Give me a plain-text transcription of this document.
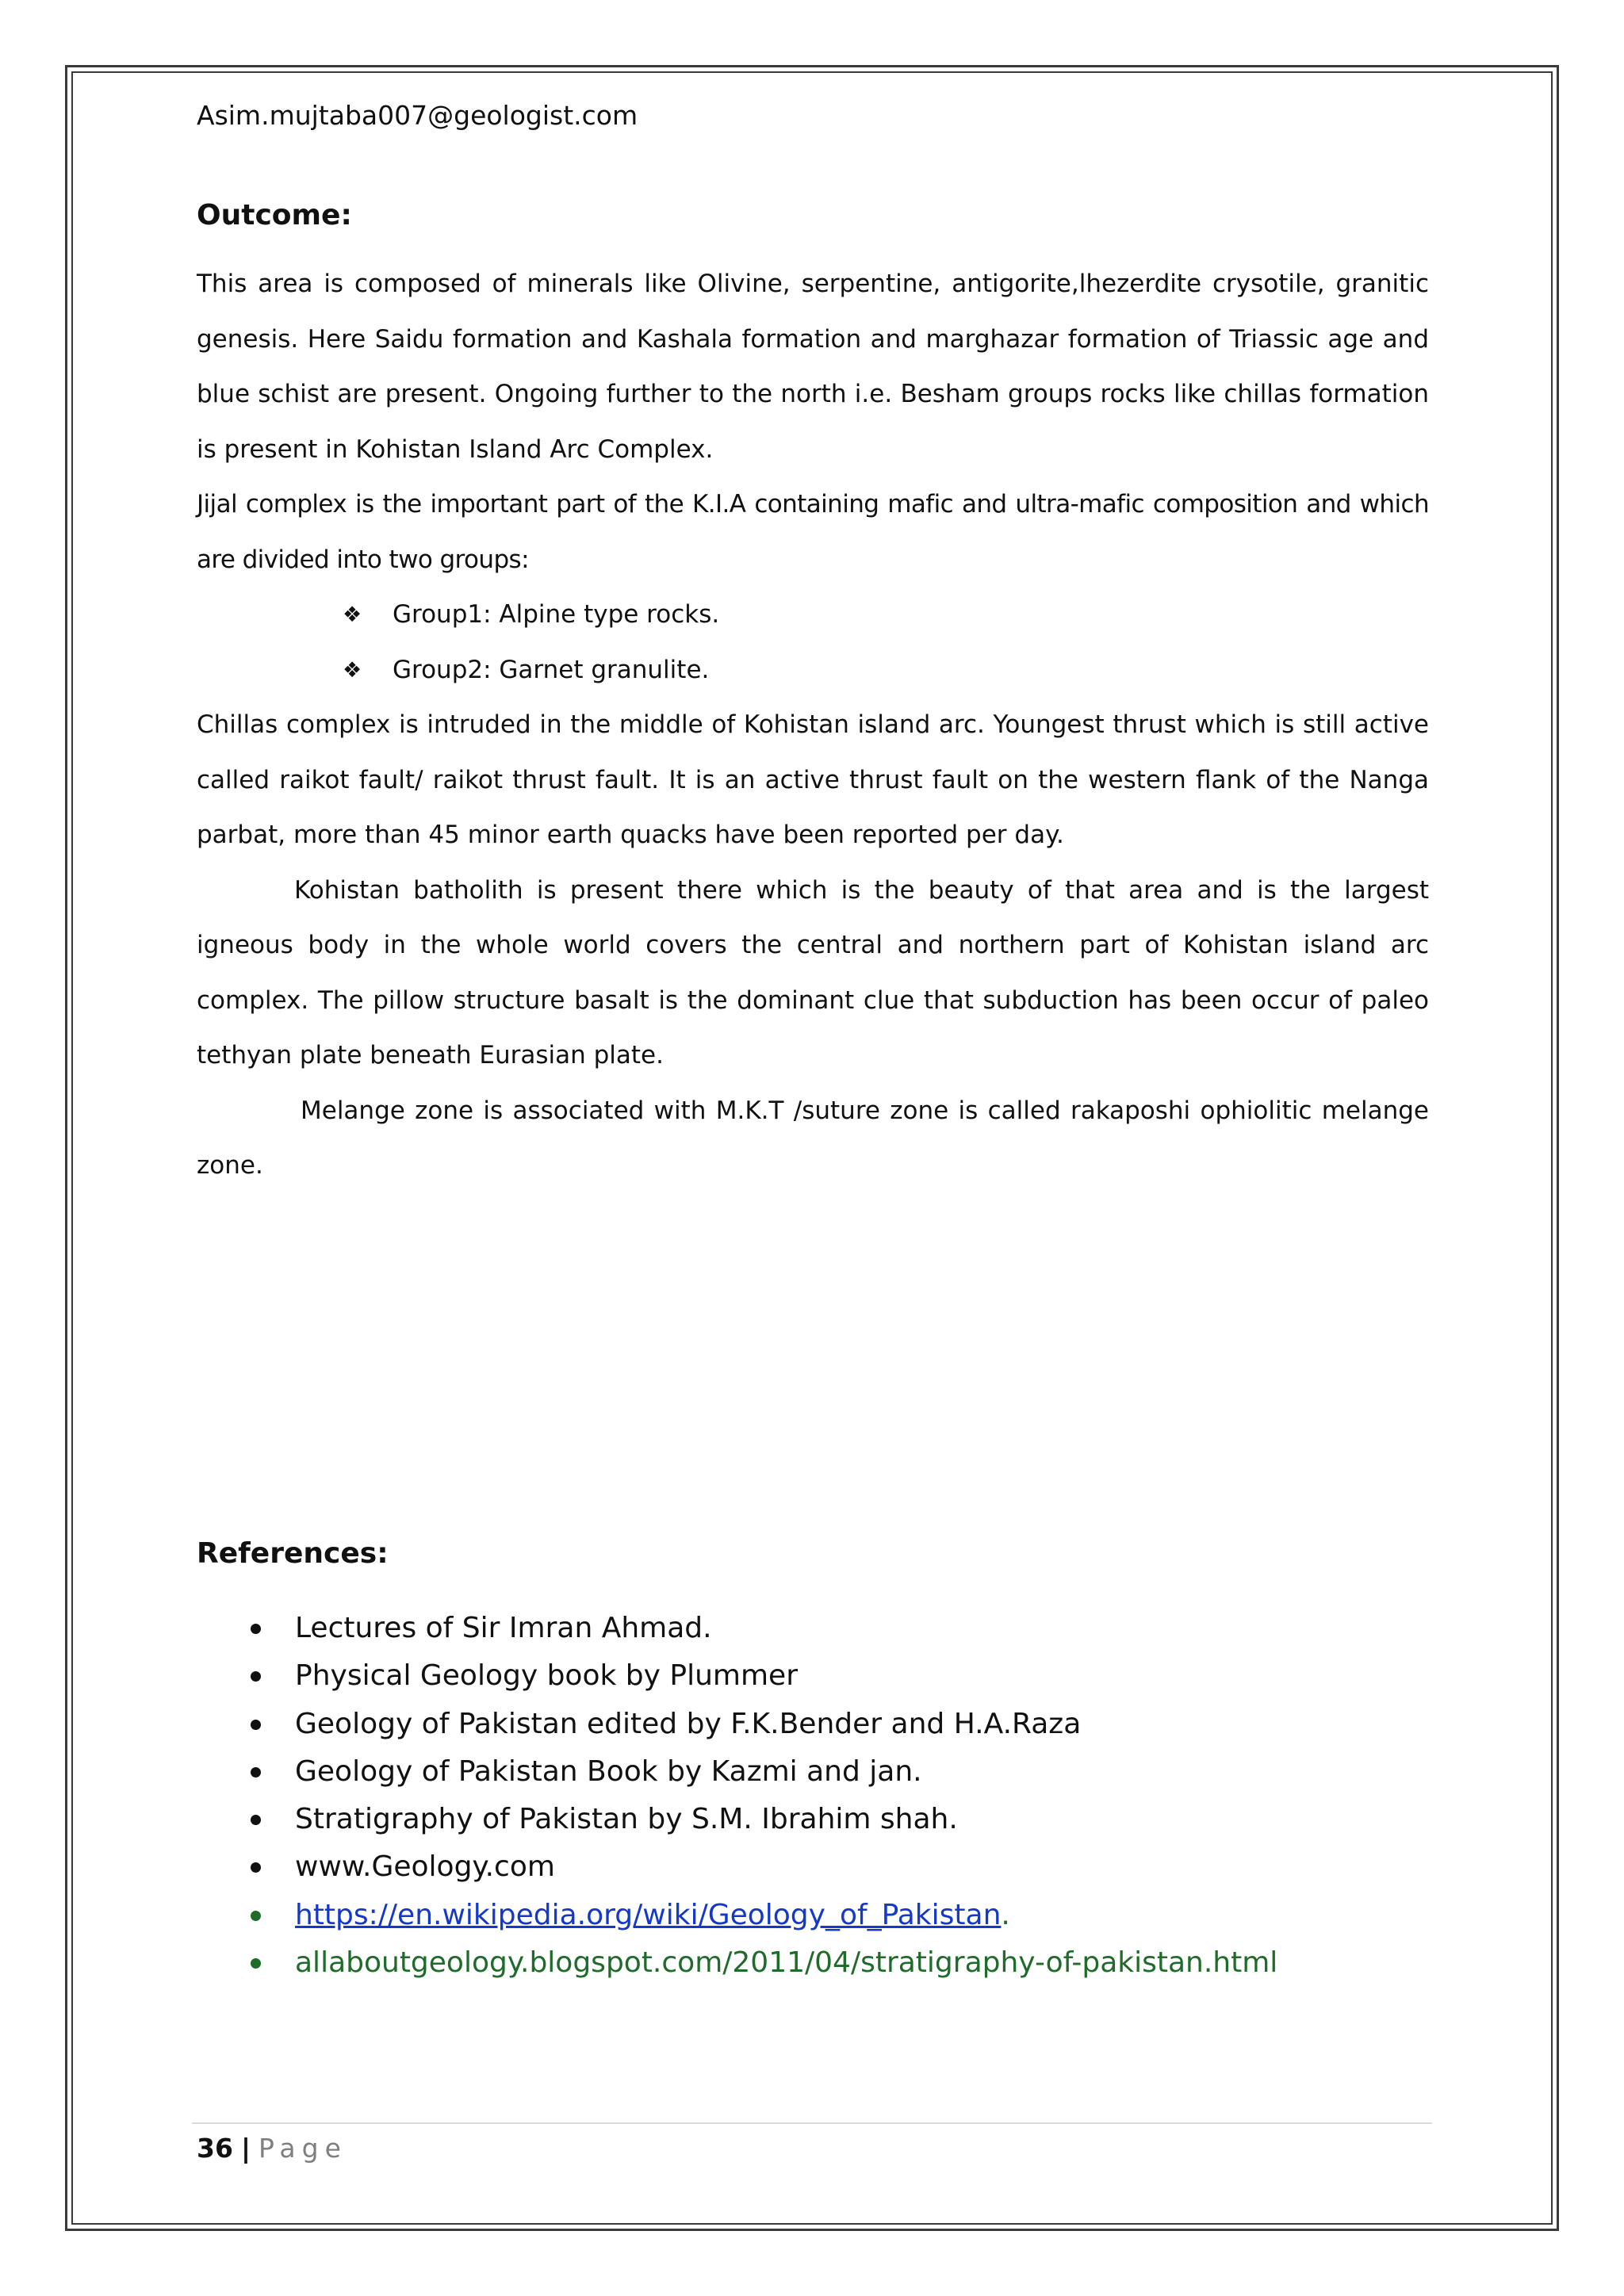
Asim.mujtaba007@geologist.com

Outcome:

This area is composed of minerals like Olivine, serpentine, antigorite,lhezerdite crysotile, granitic genesis. Here Saidu formation and Kashala formation and marghazar formation of Triassic age and blue schist are present. Ongoing further to the north i.e. Besham groups rocks like chillas formation is present in Kohistan Island Arc Complex.

Jijal complex is the important part of the K.I.A containing mafic and ultra-mafic composition and which are divided into two groups:

❖ Group1: Alpine type rocks.
❖ Group2: Garnet granulite.

Chillas complex is intruded in the middle of Kohistan island arc. Youngest thrust which is still active called raikot fault/ raikot thrust fault. It is an active thrust fault on the western flank of the Nanga parbat, more than 45 minor earth quacks have been reported per day.

Kohistan batholith is present there which is the beauty of that area and is the largest igneous body in the whole world covers the central and northern part of Kohistan island arc complex. The pillow structure basalt is the dominant clue that subduction has been occur of paleo tethyan plate beneath Eurasian plate.

Melange zone is associated with M.K.T /suture zone is called rakaposhi ophiolitic melange zone.

References:

Lectures of Sir Imran Ahmad.
Physical Geology book by Plummer
Geology of Pakistan edited by F.K.Bender and H.A.Raza
Geology of Pakistan Book by Kazmi and jan.
Stratigraphy of Pakistan by S.M. Ibrahim shah.
www.Geology.com
https://en.wikipedia.org/wiki/Geology_of_Pakistan.
allaboutgeology.blogspot.com/2011/04/stratigraphy-of-pakistan.html
36 | Page
